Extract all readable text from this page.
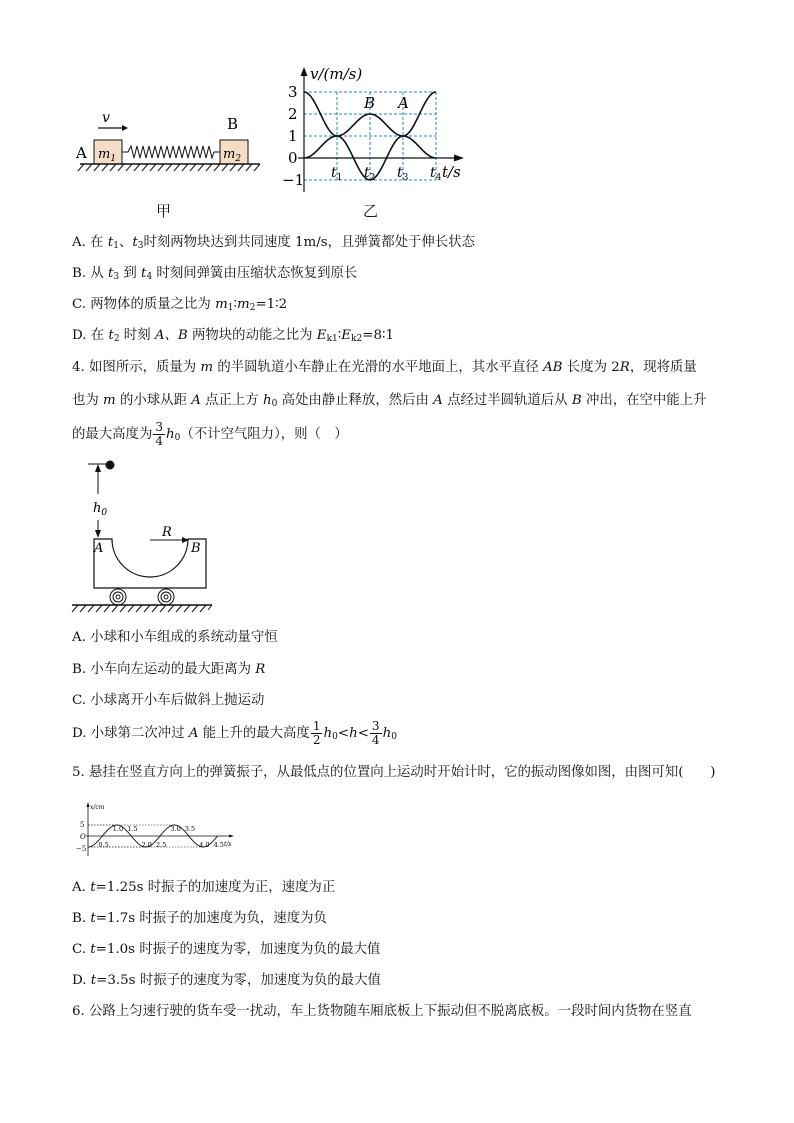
v
$m_1$	$m_2$
A
B
甲
v/(m/s)
t/s
B A
3
2
1
0
−1 $t_1$ $t_2$ $t_3$ $t_4$
乙
A. 在 $t_1$、$t_3$时刻两物块达到共同速度 1m/s，且弹簧都处于伸长状态
B. 从 $t_3$ 到 $t_4$ 时刻间弹簧由压缩状态恢复到原长
C. 两物体的质量之比为 $m_1∶m_2=1∶2$
D. 在 $t_2$ 时刻 A、B 两物块的动能之比为 $E_{k1}∶E_{k2}=8∶1$
4. 如图所示，质量为 m 的半圆轨道小车静止在光滑的水平地面上，其水平直径 AB 长度为 2R，现将质量
也为 m 的小球从距 A 点正上方 $h_0$ 高处由静止释放，然后由 A 点经过半圆轨道后从 B 冲出，在空中能上升
的最大高度为 $\frac{3}{4} h_0$（不计空气阻力），则（　）
$h_0$
A	B
R
A. 小球和小车组成的系统动量守恒
B. 小车向左运动的最大距离为 R
C. 小球离开小车后做斜上抛运动
D. 小球第二次冲过 A 能上升的最大高度 $\frac{1}{2} h_0<h< \frac{3}{4} h_0$
5. 悬挂在竖直方向上的弹簧振子，从最低点的位置向上运动时开始计时，它的振动图像如图，由图可知(　　)
x/cm
t/s
5
O
−5
1.0 1.5	3.0 3.5
0.5	2.0 2.5	4.0 4.5
A. t=1.25s 时振子的加速度为正，速度为正
B. t=1.7s 时振子的加速度为负，速度为负
C. t=1.0s 时振子的速度为零，加速度为负的最大值
D. t=3.5s 时振子的速度为零，加速度为负的最大值
6. 公路上匀速行驶的货车受一扰动，车上货物随车厢底板上下振动但不脱离底板。一段时间内货物在竖直
